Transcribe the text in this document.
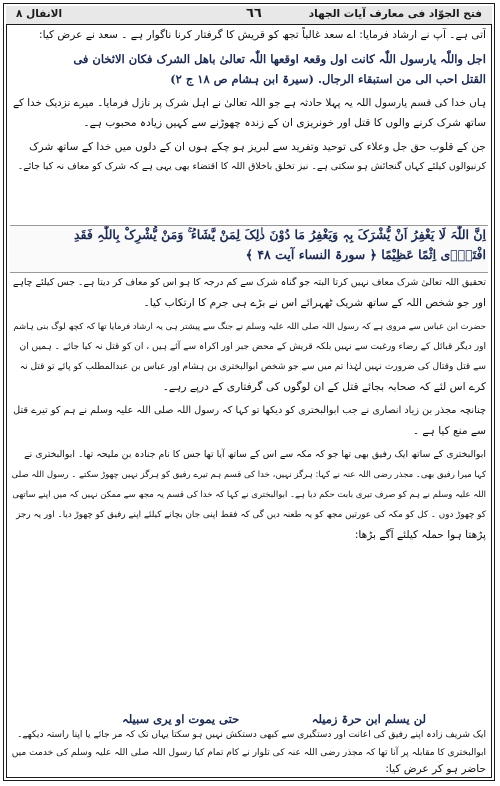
الانفال ۸	٦٦	فتح الجوّاد فی معارف آیات الجهاد
آتی ہے۔ آپ نے ارشاد فرمایا: اے سعد غالباً تجھ کو قریش کا گرفتار کرنا ناگوار ہے ۔ سعد نے عرض کیا:
اجل واللّٰہ یارسول اللّٰہ کانت اول وقعۃ اوقعھا اللّٰہ تعالیٰ باھل الشرک فکان الاثخان فی
القتل احب الی من استبقاء الرجال. (سیرۃ ابن ہشام ص ۱۸ ج ۲)
ہاں خدا کی قسم یارسول اللہ یہ پہلا حادثہ ہے جو اللہ تعالیٰ نے اہل شرک پر نازل فرمایا۔ میرے نزدیک خدا کے
ساتھ شرک کرنے والوں کا قتل اور خونریزی ان کے زندہ چھوڑنے سے کہیں زیادہ محبوب ہے۔
جن کے قلوب حق جل وعلاء کی توحید وتفرید سے لبریز ہو چکے ہوں ان کے دلوں میں خدا کے ساتھ شرک
کرنیوالوں کیلئے کہاں گنجائش ہو سکتی ہے۔ نیز تخلق باخلاق اللہ کا اقتضاء بھی یہی ہے کہ شرک کو معاف نہ کیا جائے۔
اِنَّ اللّٰہَ لَا یَغْفِرُ اَنْ یُّشْرَکَ بِہٖ وَیَغْفِرُ مَا دُوْنَ ذٰلِکَ لِمَنْ یَّشَاءُ ۚ وَمَنْ یُّشْرِکْ بِاللّٰہِ فَقَدِ
افْتَرٰۤی اِثْمًا عَظِیْمًا ﴿ سورۃ النساء آیت ۴۸ ﴾
تحقیق اللہ تعالیٰ شرک معاف نہیں کرتا البتہ جو گناہ شرک سے کم درجہ کا ہو اس کو معاف کر دیتا ہے۔ جس کیلئے چاہے
اور جو شخص اللہ کے ساتھ شریک ٹھہرائے اس نے بڑے ہی جرم کا ارتکاب کیا۔
حضرت ابن عباس سے مروی ہے کہ رسول اللہ صلی اللہ علیہ وسلم نے جنگ سے پیشتر ہی یہ ارشاد فرمایا تھا کہ کچھ لوگ بنی ہاشم
اور دیگر قبائل کے رضاء ورغبت سے نہیں بلکہ قریش کے محض جبر اور اکراہ سے آئے ہیں ، ان کو قتل نہ کیا جائے ۔ ہمیں ان
سے قتل وقتال کی ضرورت نہیں لہٰذا تم میں سے جو شخص ابوالبختری بن ہشام اور عباس بن عبدالمطلب کو پائے تو قتل نہ
کرے اس لئے کہ صحابہ بجائے قتل کے ان لوگوں کی گرفتاری کے درپے رہے۔
چنانچہ مجذر بن زیاد انصاری نے جب ابوالبختری کو دیکھا تو کہا کہ رسول اللہ صلی اللہ علیہ وسلم نے ہم کو تیرے قتل
سے منع کیا ہے ۔
ابوالبختری کے ساتھ ایک رفیق بھی تھا جو کہ مکہ سے اس کے ساتھ آیا تھا جس کا نام جنادہ بن ملیحہ تھا۔ ابوالبختری نے
کہا میرا رفیق بھی۔ مجذر رضی اللہ عنہ نے کہا: ہرگز نہیں، خدا کی قسم ہم تیرے رفیق کو ہرگز نہیں چھوڑ سکتے ۔ رسول اللہ صلی
اللہ علیہ وسلم نے ہم کو صرف تیری بابت حکم دیا ہے۔ ابوالبختری نے کہا کہ خدا کی قسم یہ مجھ سے ممکن نہیں کہ میں اپنے ساتھی
کو چھوڑ دوں ۔ کل کو مکہ کی عورتیں مجھ کو یہ طعنہ دیں گی کہ فقط اپنی جان بچانے کیلئے اپنے رفیق کو چھوڑ دیا۔ اور یہ رجز
پڑھتا ہوا حملہ کیلئے آگے بڑھا:
ایک شریف زادہ اپنے رفیق کی اعانت اور دستگیری سے کبھی دستکش نہیں ہو سکتا یہاں تک کہ مر جائے یا اپنا راستہ دیکھے۔
ابوالبختری کا مقابلہ پر آنا تھا کہ مجذر رضی اللہ عنہ کی تلوار نے کام تمام کیا رسول اللہ صلی اللہ علیہ وسلم کی خدمت میں
حاضر ہو کر عرض کیا:
لن یسلم ابن حرۃ زمیلہ
حتی یموت او یری سبیلہ
